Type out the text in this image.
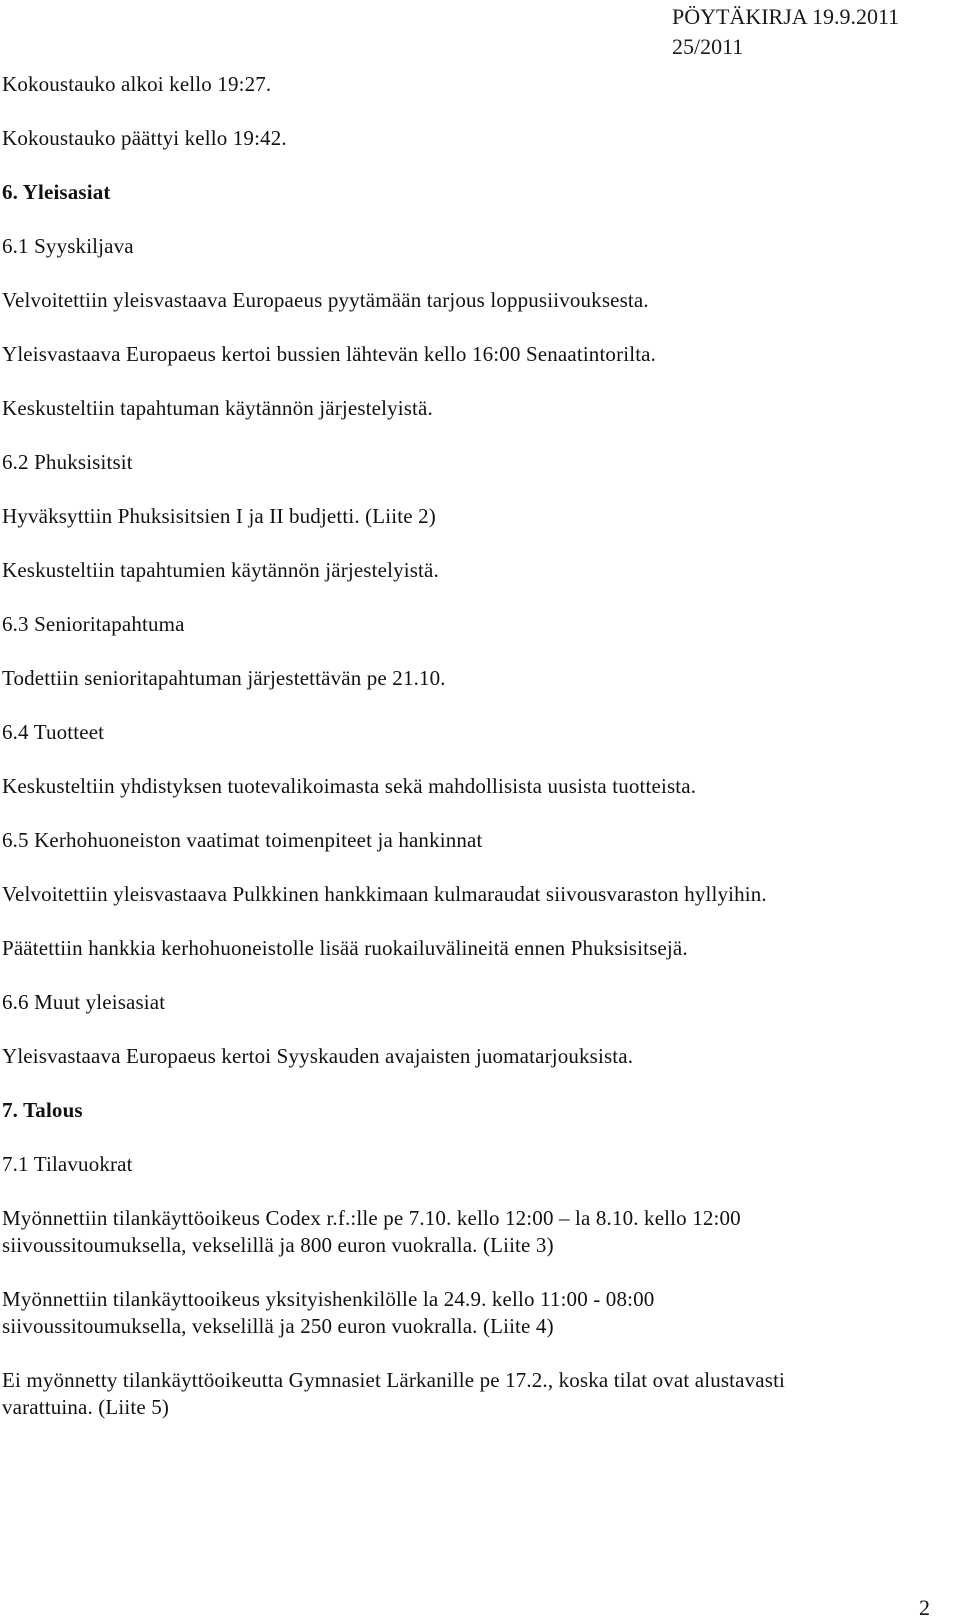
PÖYTÄKIRJA 19.9.2011
25/2011
Kokoustauko alkoi kello 19:27.
Kokoustauko päättyi kello 19:42.
6. Yleisasiat
6.1 Syyskiljava
Velvoitettiin yleisvastaava Europaeus pyytämään tarjous loppusiivouksesta.
Yleisvastaava Europaeus kertoi bussien lähtevän kello 16:00 Senaatintorilta.
Keskusteltiin tapahtuman käytännön järjestelyistä.
6.2 Phuksisitsit
Hyväksyttiin Phuksisitsien I ja II budjetti. (Liite 2)
Keskusteltiin tapahtumien käytännön järjestelyistä.
6.3 Senioritapahtuma
Todettiin senioritapahtuman järjestettävän pe 21.10.
6.4 Tuotteet
Keskusteltiin yhdistyksen tuotevalikoimasta sekä mahdollisista uusista tuotteista.
6.5 Kerhohuoneiston vaatimat toimenpiteet ja hankinnat
Velvoitettiin yleisvastaava Pulkkinen hankkimaan kulmaraudat siivousvaraston hyllyihin.
Päätettiin hankkia kerhohuoneistolle lisää ruokailuvälineitä ennen Phuksisitsejä.
6.6 Muut yleisasiat
Yleisvastaava Europaeus kertoi Syyskauden avajaisten juomatarjouksista.
7. Talous
7.1 Tilavuokrat
Myönnettiin tilankäyttöoikeus Codex r.f.:lle pe 7.10. kello 12:00 – la 8.10. kello 12:00
siivoussitoumuksella, vekselillä ja 800 euron vuokralla. (Liite 3)
Myönnettiin tilankäyttooikeus yksityishenkilölle la 24.9. kello 11:00 - 08:00
siivoussitoumuksella, vekselillä ja 250 euron vuokralla. (Liite 4)
Ei myönnetty tilankäyttöoikeutta Gymnasiet Lärkanille pe 17.2., koska tilat ovat alustavasti
varattuina. (Liite 5)
2
